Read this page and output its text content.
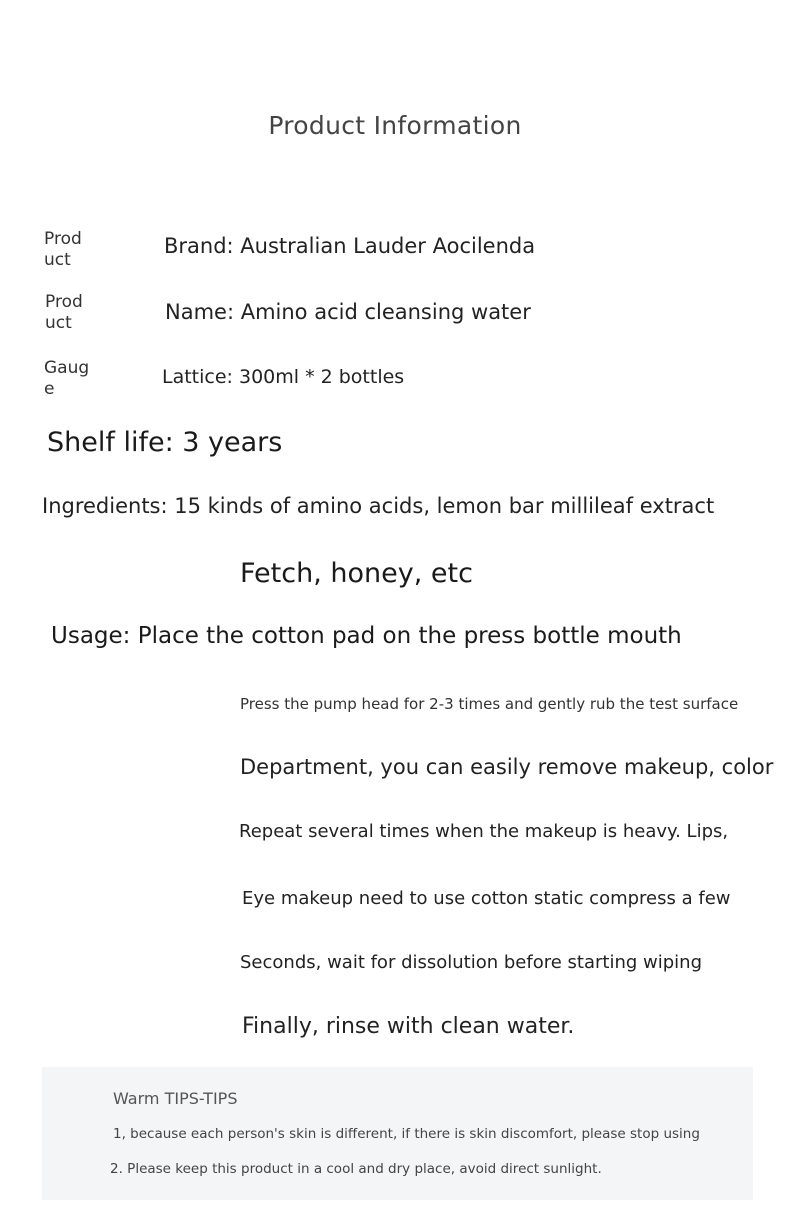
Product Information
Prod uct
Brand: Australian Lauder Aocilenda
Prod uct	Name: Amino acid cleansing water
Gaug e
Lattice: 300ml * 2 bottles
Shelf life: 3 years
Ingredients: 15 kinds of amino acids, lemon bar millileaf extract
Fetch, honey, etc
Usage: Place the cotton pad on the press bottle mouth
Press the pump head for 2-3 times and gently rub the test surface
Department, you can easily remove makeup, color
Repeat several times when the makeup is heavy. Lips,
Eye makeup need to use cotton static compress a few
Seconds, wait for dissolution before starting wiping
Finally, rinse with clean water.
Warm TIPS-TIPS
1, because each person's skin is different, if there is skin discomfort, please stop using
2. Please keep this product in a cool and dry place, avoid direct sunlight.
